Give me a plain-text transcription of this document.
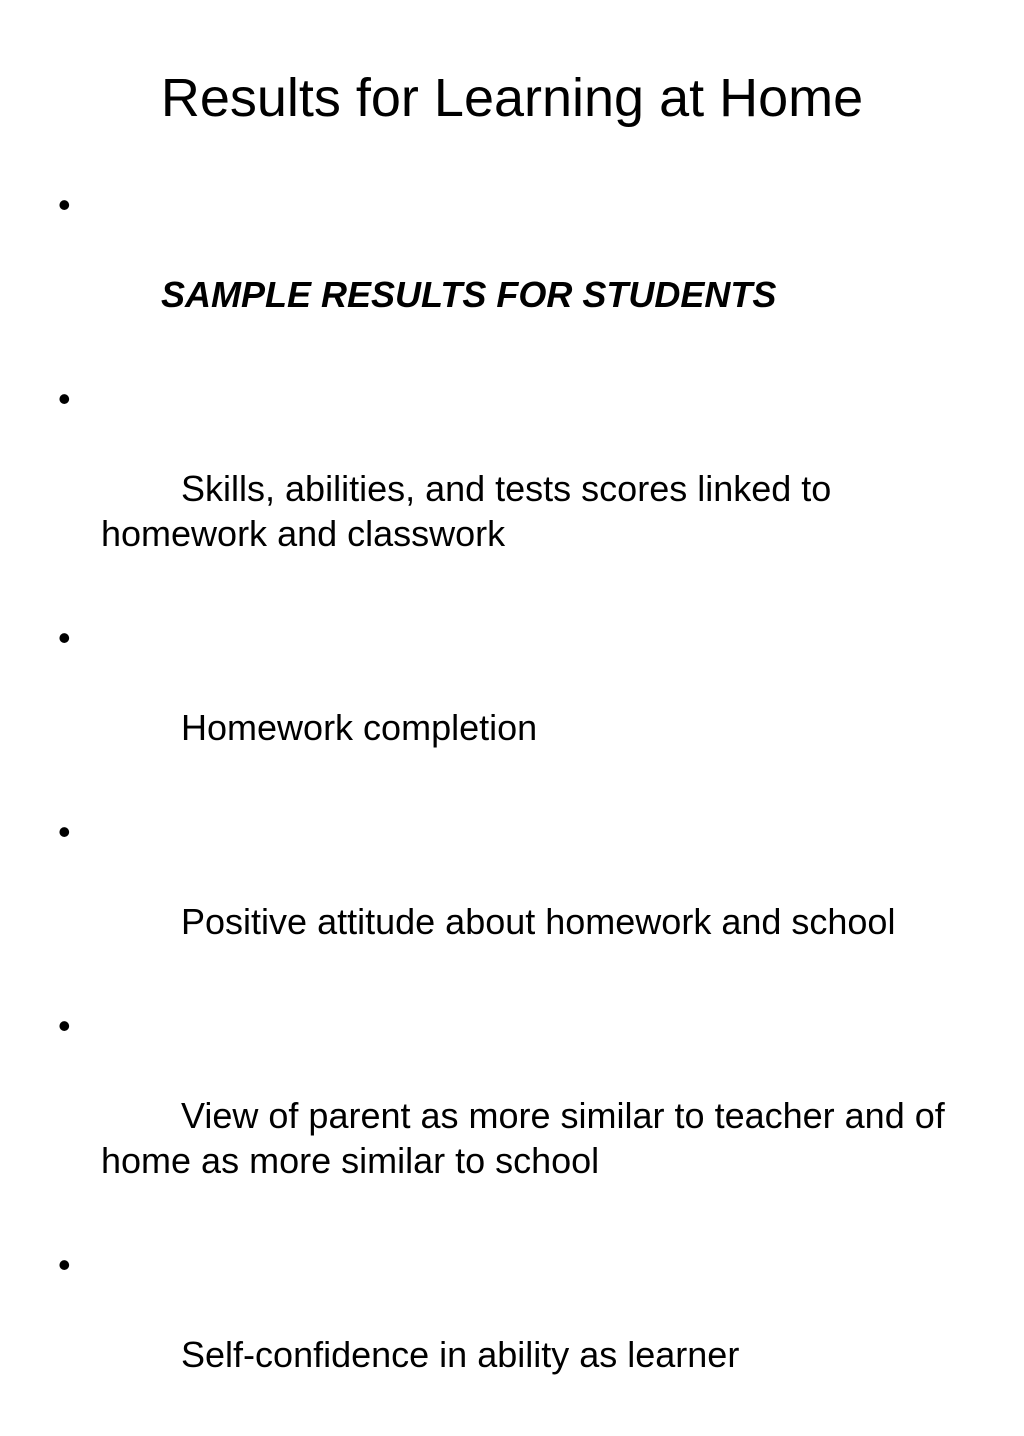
Results for Learning at Home

•

SAMPLE RESULTS FOR STUDENTS

•

Skills, abilities, and tests scores linked to homework and classwork

•

Homework completion

•

Positive attitude about homework and school

•

View of parent as more similar to teacher and of home as more similar to school

•

Self-confidence in ability as learner
